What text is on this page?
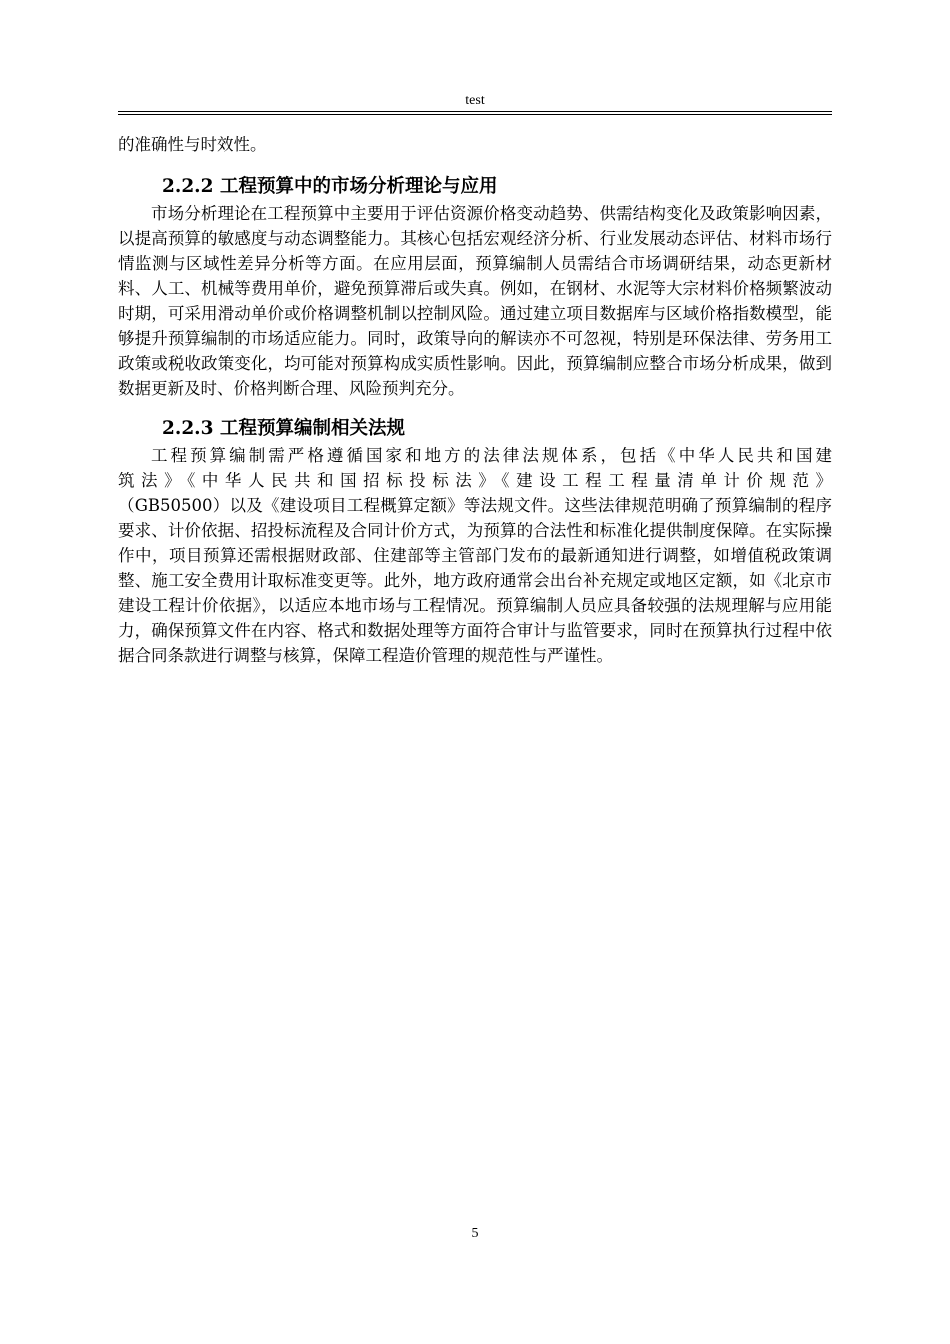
test

的准确性与时效性。

2.2.2 工程预算中的市场分析理论与应用

市场分析理论在工程预算中主要用于评估资源价格变动趋势、供需结构变化及政策影响因素，以提高预算的敏感度与动态调整能力。其核心包括宏观经济分析、行业发展动态评估、材料市场行情监测与区域性差异分析等方面。在应用层面，预算编制人员需结合市场调研结果，动态更新材料、人工、机械等费用单价，避免预算滞后或失真。例如，在钢材、水泥等大宗材料价格频繁波动时期，可采用滑动单价或价格调整机制以控制风险。通过建立项目数据库与区域价格指数模型，能够提升预算编制的市场适应能力。同时，政策导向的解读亦不可忽视，特别是环保法律、劳务用工政策或税收政策变化，均可能对预算构成实质性影响。因此，预算编制应整合市场分析成果，做到数据更新及时、价格判断合理、风险预判充分。

2.2.3 工程预算编制相关法规

工程预算编制需严格遵循国家和地方的法律法规体系，包括《中华人民共和国建
筑法》《中华人民共和国招标投标法》《建设工程工程量清单计价规范》
（GB50500）以及《建设项目工程概算定额》等法规文件。这些法律规范明确了预算编制的程序要求、计价依据、招投标流程及合同计价方式，为预算的合法性和标准化提供制度保障。在实际操作中，项目预算还需根据财政部、住建部等主管部门发布的最新通知进行调整，如增值税政策调整、施工安全费用计取标准变更等。此外，地方政府通常会出台补充规定或地区定额，如《北京市建设工程计价依据》，以适应本地市场与工程情况。预算编制人员应具备较强的法规理解与应用能力，确保预算文件在内容、格式和数据处理等方面符合审计与监管要求，同时在预算执行过程中依据合同条款进行调整与核算，保障工程造价管理的规范性与严谨性。

5
